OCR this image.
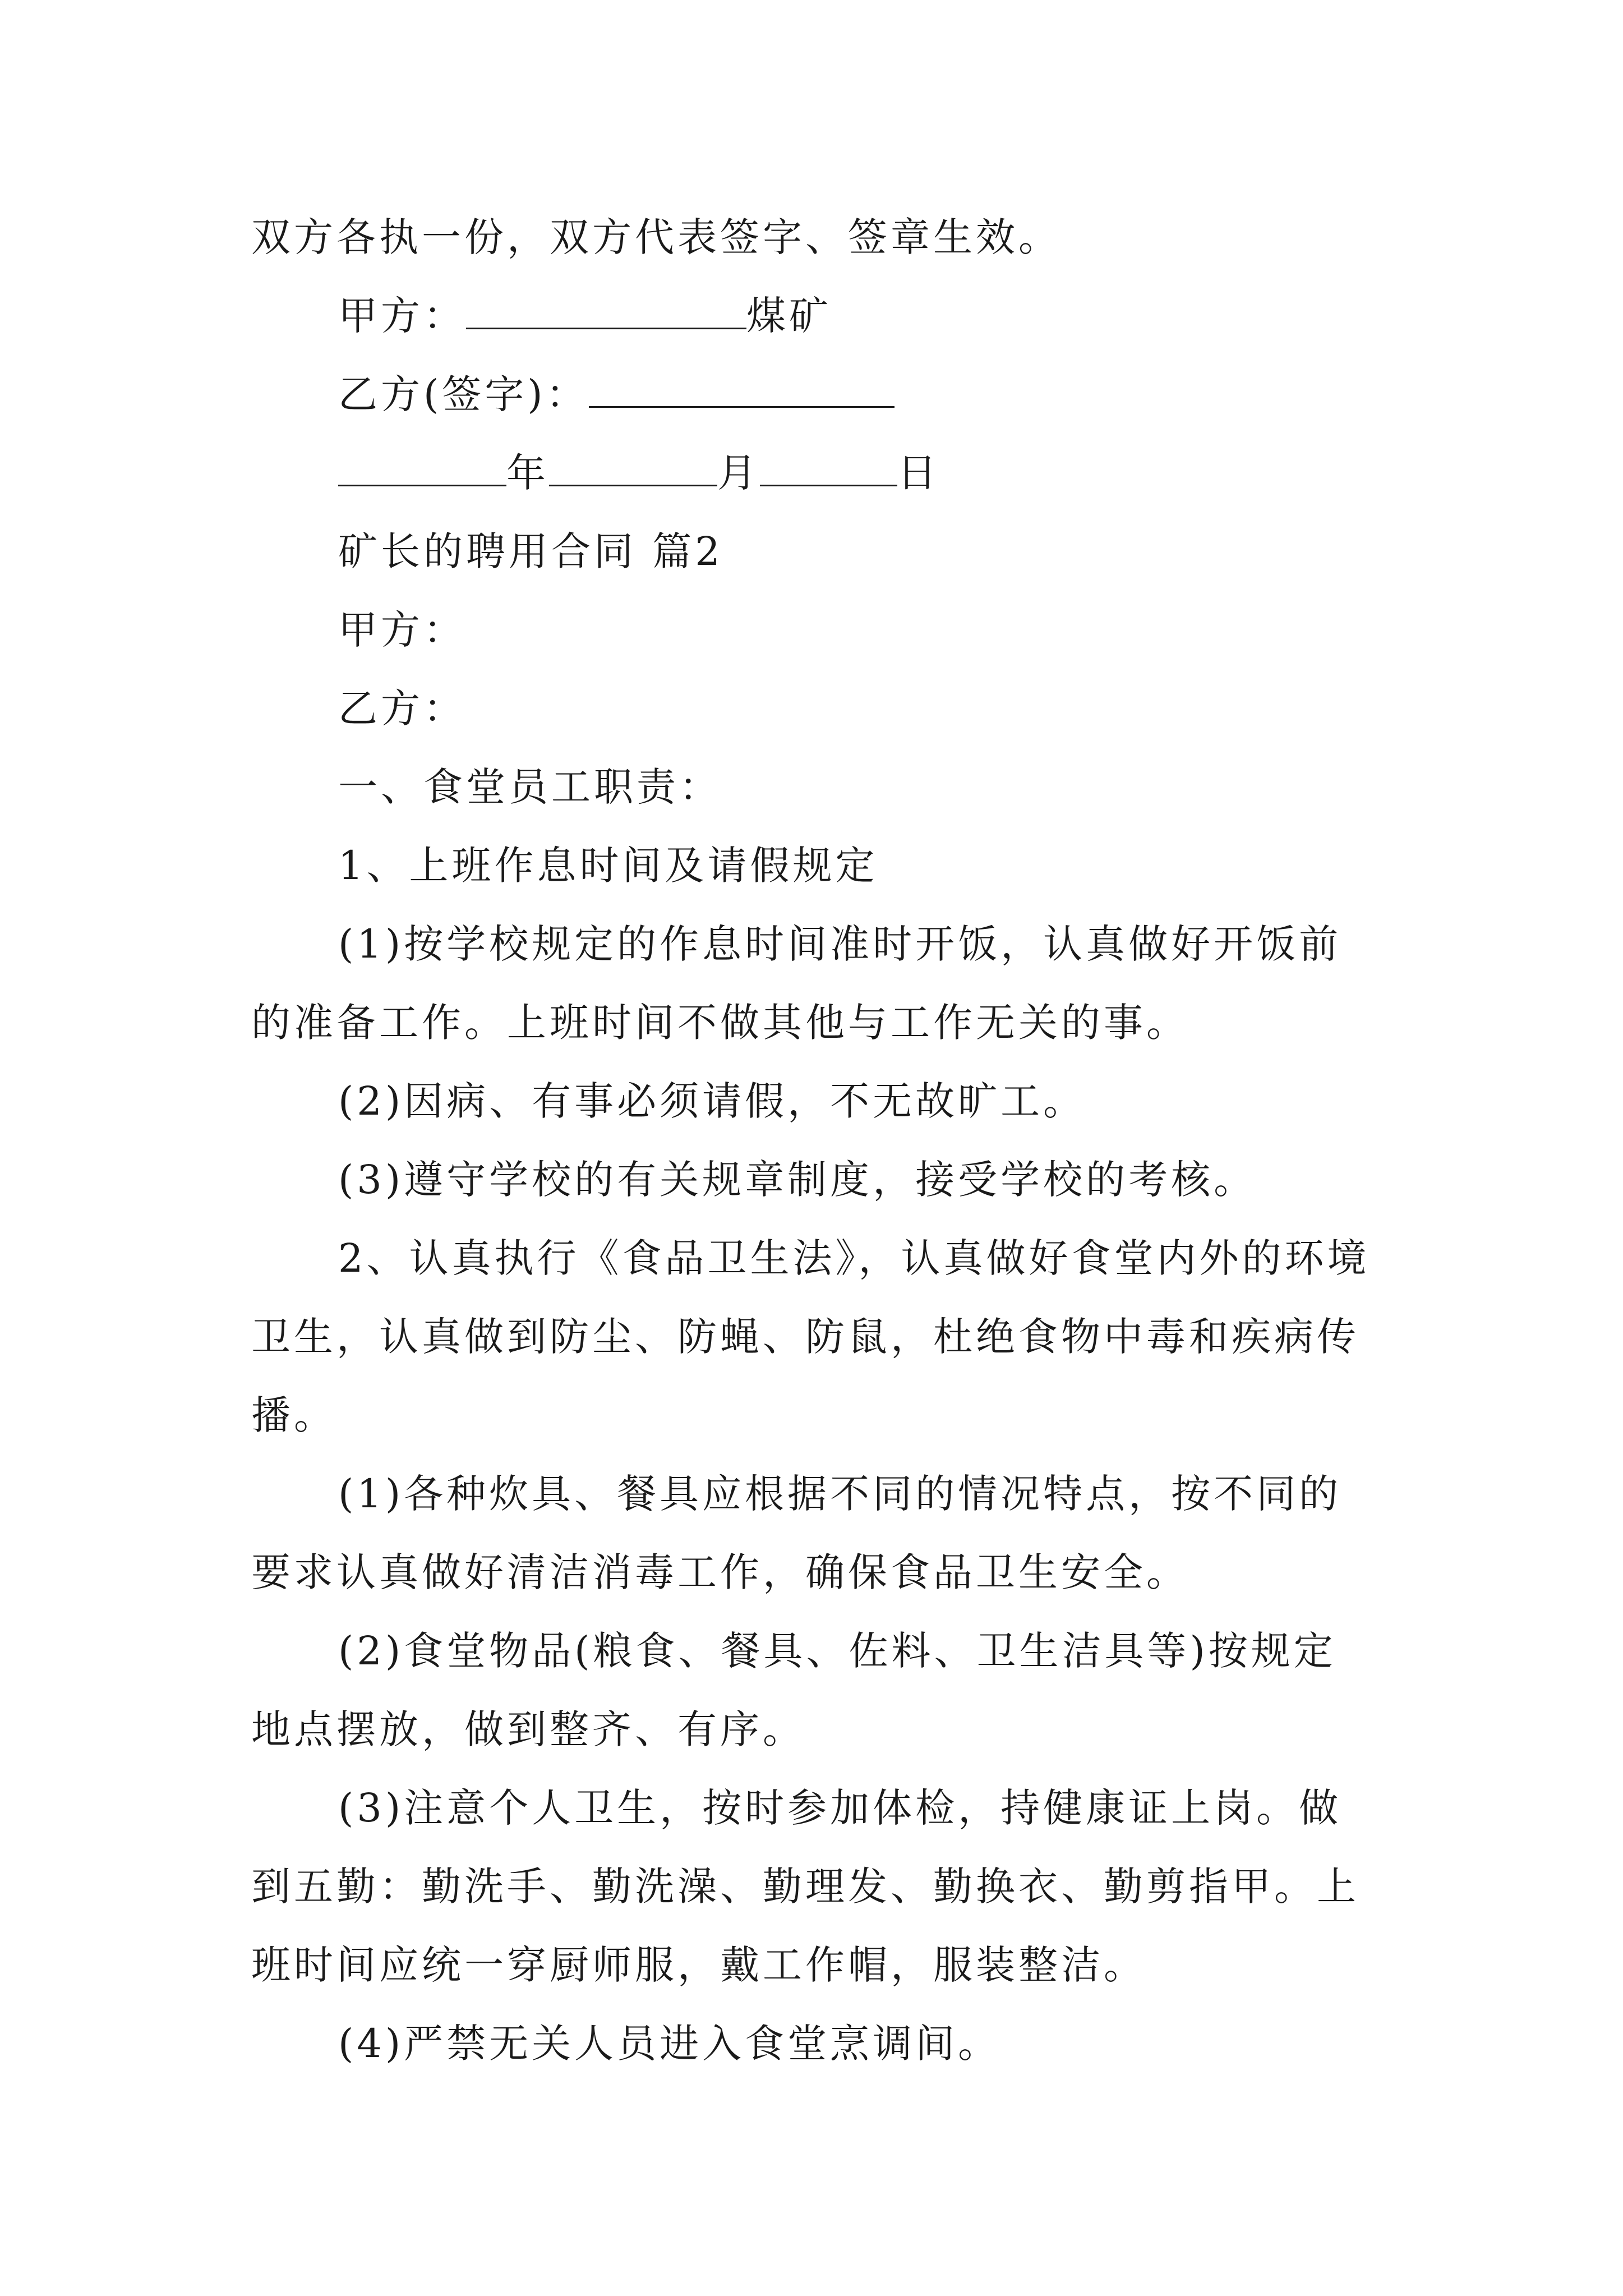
双方各执一份，双方代表签字、签章生效。
甲方：	煤矿
乙方(签字)：
年	月	日
矿长的聘用合同 篇2
甲方：
乙方：
一、食堂员工职责：
1、上班作息时间及请假规定
(1)按学校规定的作息时间准时开饭，认真做好开饭前
的准备工作。上班时间不做其他与工作无关的事。
(2)因病、有事必须请假，不无故旷工。
(3)遵守学校的有关规章制度，接受学校的考核。
2、认真执行《食品卫生法》，认真做好食堂内外的环境
卫生，认真做到防尘、防蝇、防鼠，杜绝食物中毒和疾病传
播。
(1)各种炊具、餐具应根据不同的情况特点，按不同的
要求认真做好清洁消毒工作，确保食品卫生安全。
(2)食堂物品(粮食、餐具、佐料、卫生洁具等)按规定
地点摆放，做到整齐、有序。
(3)注意个人卫生，按时参加体检，持健康证上岗。做
到五勤：勤洗手、勤洗澡、勤理发、勤换衣、勤剪指甲。上
班时间应统一穿厨师服，戴工作帽，服装整洁。
(4)严禁无关人员进入食堂烹调间。
